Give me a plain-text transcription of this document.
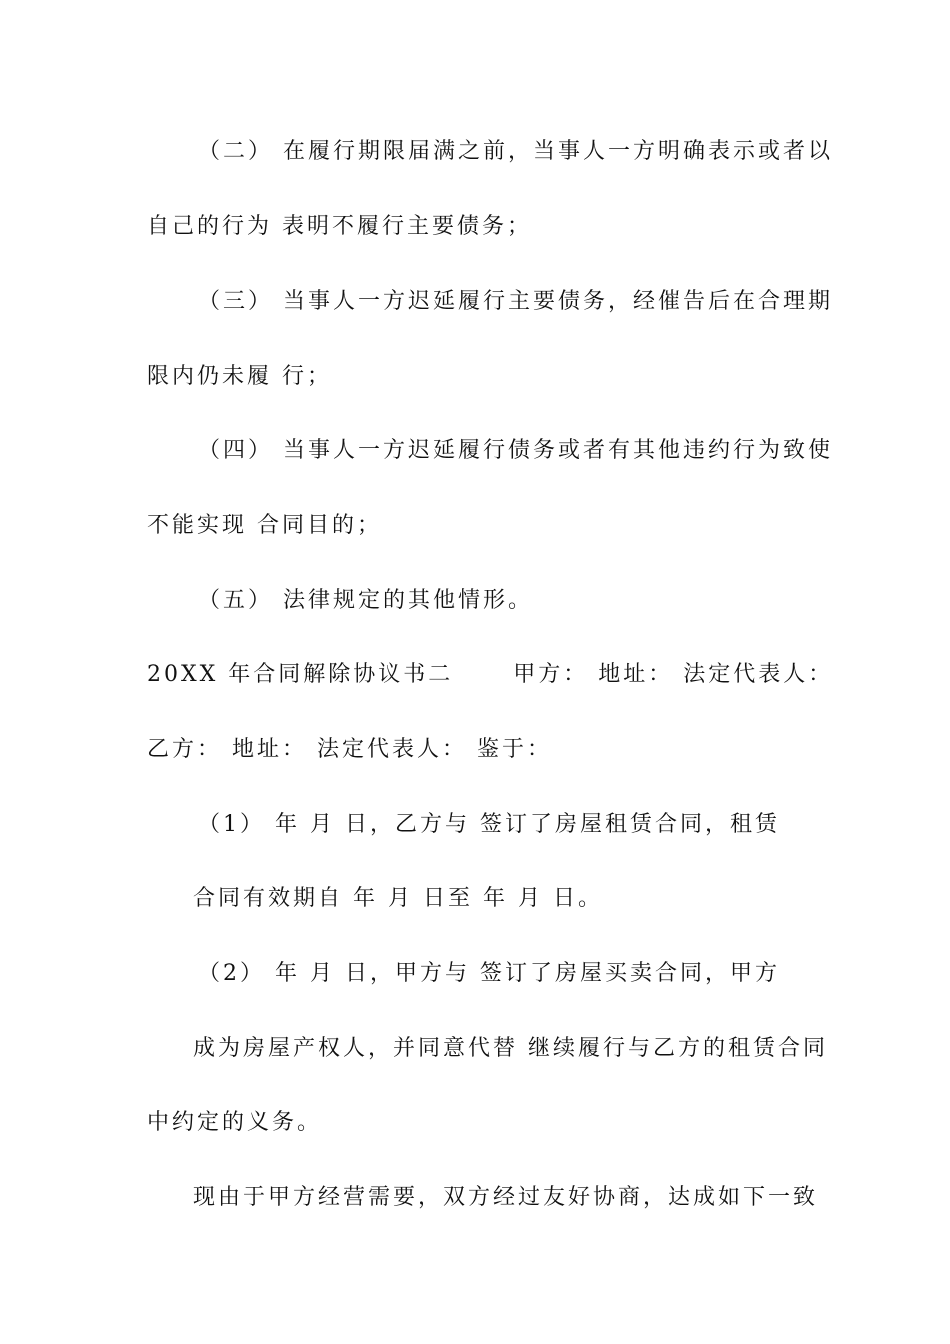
（二） 在履行期限届满之前，当事人一方明确表示或者以
自己的行为 表明不履行主要债务；
（三） 当事人一方迟延履行主要债务，经催告后在合理期
限内仍未履 行；
（四） 当事人一方迟延履行债务或者有其他违约行为致使
不能实现 合同目的；
（五） 法律规定的其他情形。
20XX 年合同解除协议书二      甲方： 地址： 法定代表人：
乙方： 地址： 法定代表人： 鉴于：
（1） 年 月 日，乙方与 签订了房屋租赁合同，租赁
合同有效期自 年 月 日至 年 月 日。
（2） 年 月 日，甲方与 签订了房屋买卖合同，甲方
成为房屋产权人，并同意代替 继续履行与乙方的租赁合同
中约定的义务。
现由于甲方经营需要，双方经过友好协商，达成如下一致
